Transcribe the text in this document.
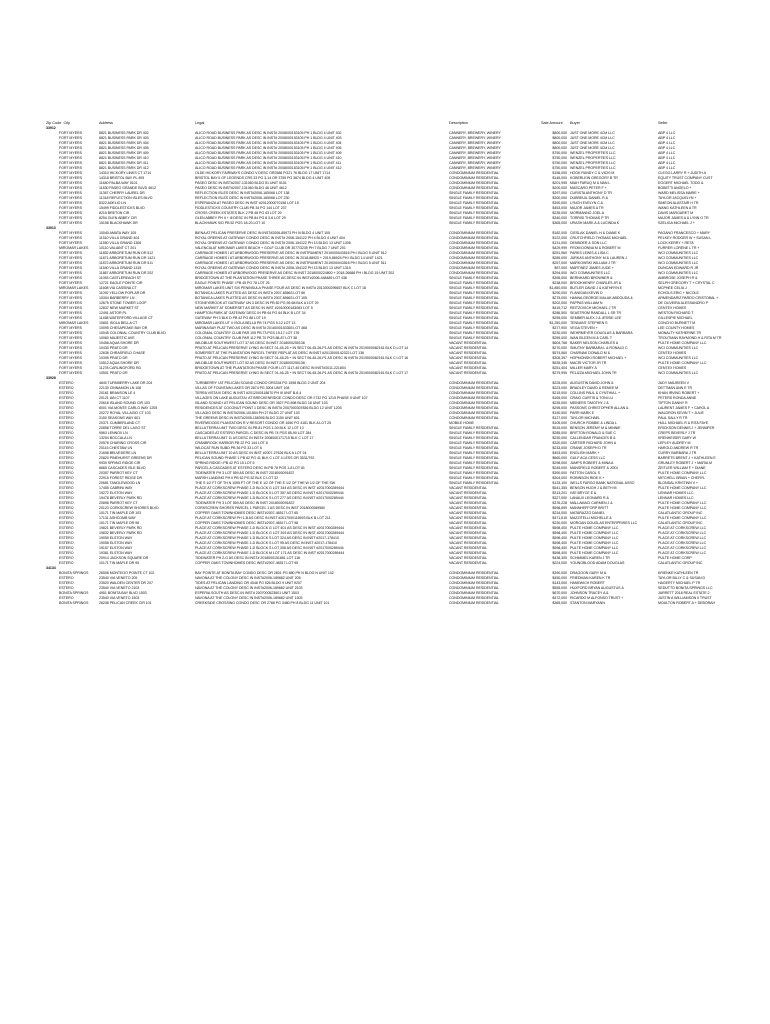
Zip Code City		Address	Legal	Description	Sale Amount	Buyer	Seller
33912							
	FORT MYERS	8821 BUSINESS PARK DR 402	ALICO ROAD BUSINESS PARK AS DESC IN INST# 2008000153105 PH 1 BLDG 4 UNIT 402	CANNERY, BREWERY, WINERY	$800,000	JUST ONE MORE 4CM LLC	ABP 4 LLC
	FORT MYERS	8821 BUSINESS PARK DR 403	ALICO ROAD BUSINESS PARK AS DESC IN INST# 2008000153105 PH 1 BLDG 4 UNIT 403	CANNERY, BREWERY, WINERY	$800,000	JUST ONE MORE 4CM LLC	ABP 4 LLC
	FORT MYERS	8821 BUSINESS PARK DR 404	ALICO ROAD BUSINESS PARK AS DESC IN INST# 2008000153105 PH 1 BLDG 4 UNIT 404	CANNERY, BREWERY, WINERY	$800,000	JUST ONE MORE 4CM LLC	ABP 4 LLC
	FORT MYERS	8821 BUSINESS PARK DR 405	ALICO ROAD BUSINESS PARK AS DESC IN INST# 2008000153105 PH 1 BLDG 4 UNIT 405	CANNERY, BREWERY, WINERY	$800,000	JUST ONE MORE 4CM LLC	ABP 4 LLC
	FORT MYERS	8821 BUSINESS PARK DR 409	ALICO ROAD BUSINESS PARK AS DESC IN INST# 2008000153105 PH 1 BLDG 4 UNIT 409	CANNERY, BREWERY, WINERY	$750,000	WENZEL PROPERTIES LLC	ABP 4 LLC
	FORT MYERS	8821 BUSINESS PARK DR 410	ALICO ROAD BUSINESS PARK AS DESC IN INST# 2008000153105 PH 1 BLDG 4 UNIT 410	CANNERY, BREWERY, WINERY	$750,000	WENZEL PROPERTIES LLC	ABP 4 LLC
	FORT MYERS	8821 BUSINESS PARK DR 411	ALICO ROAD BUSINESS PARK AS DESC IN INST# 2008000153105 PH 1 BLDG 4 UNIT 411	CANNERY, BREWERY, WINERY	$750,000	WENZEL PROPERTIES LLC	ABP 4 LLC
	FORT MYERS	8821 BUSINESS PARK DR 412	ALICO ROAD BUSINESS PARK AS DESC IN INST# 2008000153105 PH 1 BLDG 4 UNIT 412	CANNERY, BREWERY, WINERY	$750,000	WENZEL PROPERTIES LLC	ABP 4 LLC
	FORT MYERS	14310 HICKORY LINKS CT 1714	OLDE HICKORY FAIRWAYS CONDO V DESC OR2586 PG21 76 BLDG 17 UNIT 1714	CONDOMINIUM RESIDENTIAL	$156,000	HOOK RANDY C & VICKI M	CLEGG LARRY R + JUDITH A
	FORT MYERS	14318 BRISTOL BAY PL 405	BRISTOL BAY II OF LEGENDS CRS 33 PG 3-14 OR 3759 PG 3674 BLDG 4 UNIT 405	CONDOMINIUM RESIDENTIAL	$145,000	KOBERLEIN GREGORY B TR	EQUITY TRUST COMPANY CUST
	FORT MYERS	11840 PALBA WAY 5101	PASEO DESC IN INST#2007-131060 BLDG 51 UNIT 5101	CONDOMINIUM RESIDENTIAL	$201,995	MIAH FARUQ M & NAN L	EGGERT MICHAEL TODD &
	FORT MYERS	11830 PASEO GRANDE BLVD 4612	PASEO DESC IN INST#2007-131060 BLDG 46 UNIT 4612	CONDOMINIUM RESIDENTIAL	$200,000	MASCARO PETER F +	BOBETTI ANGELO +
	FORT MYERS	11367 CHERRY LAUREL DR	REFLECTION ISLES DESC IN INST#2006-165068 LOT 138	SINGLE FAMILY RESIDENTIAL	$297,000	CURISTA ANTHONY D TR	WARD MELISSA MARIE +
	FORT MYERS	11318 REFLECTION ISLES BLVD	REFLECTION ISLES DESC IN INST#2006-165068 LOT 230	SINGLE FAMILY RESIDENTIAL	$300,000	DUBREUIL DANIEL R &	TAYLOR JACQUELYN +
	FORT MYERS	8322 ADELIO LN	ESPERANZA AT PASEO DESC IN INST #2012000070158 LOT 15	SINGLE FAMILY RESIDENTIAL	$390,000	LYNCH EVELYN C &	SIMEON ALASTAIR H TR
	FORT MYERS	15499 FIDDLESTICKS BLVD	FIDDLESTICKS COUNTRY CLUB PB 34 PG 144 LOT 237	SINGLE FAMILY RESIDENTIAL	$453,000	MAJOR JAMES A TR	WANG KATHLEEN A TR
	FORT MYERS	8215 BRETON CIR	CROSS CREEK ESTATES BLK 2 PB 48 PG 43 LOT 29	SINGLE FAMILY RESIDENTIAL	$235,000	MORMANNO JOEL A	DAVIS MARGARET M
	FORT MYERS	8254 GLEN ABBEY CIR	GLEN ABBEY PH II + III DESC IN PB 84 PG 8 3-6 LOT 29	SINGLE FAMILY RESIDENTIAL	$340,000	TORRISI THOMAS P TR	MAJOR JAMES A & LYNN G TR
	FORT MYERS	15158 BLACKHAWK DR	BLACKHAWK S/D PB 52 PGS 18-20 LOT 10	SINGLE FAMILY RESIDENTIAL	$365,000	URASH MARK A & LUCINDA K	SZELIGA MICHAEL J +
33913							
	FORT MYERS	10040 AMATA WAY 105	BIENA AT PELICAN PRESERVE DESC IN INST#2006-85973 PH III BLDG 4 UNIT 105	CONDOMINIUM RESIDENTIAL	$182,000	CIESLAK DANIEL H & DIANE K	PAGANO FRANCESCO + MARY
	FORT MYERS	11510 VILLA GRAND 404	ROYAL GREENS AT GATEWAY CONDO DESC IN INST# 2006-154122 PH 4 BLDG 4 UNIT 404	CONDOMINIUM RESIDENTIAL	$122,000	CRUTCHFIELD THOMAS MICHAEL	PELKEY RODGER W + SUSAN L
	FORT MYERS	11550 VILLA GRAND 1306	ROYAL GREENS AT GATEWAY CONDO DESC IN INST# 2006-154122 PH 13 BLDG 13 UNIT 1306	CONDOMINIUM RESIDENTIAL	$131,000	DENBOER & SON LLC	LOCK KERRY + RETA
	MIROMAR LAKES	10110 VALIANT CT 201	VALENCIA AT MIROMAR LAKES BEACH + GOLF CLUB OR 3077/3239 PH 7 BLDG 7 UNIT 201	CONDOMINIUM RESIDENTIAL	$429,999	FROM DONNA M & ROBERT M	FURRER LORENE L TR +
	FORT MYERS	11852 ARBORETUM RUN DR 512	CARRIAGE HOMES I AT ARBORWOOD PRESERVE AS DESC IN INSTRUMENT 2019000043516 PH I BLDG 5 UNIT 512	CONDOMINIUM RESIDENTIAL	$251,960	PARKS LEWIS & LISA C	WCI COMMUNITIES LLC
	FORT MYERS	11871 ARBORETUM RUN DR 1421	CARRIAGE HOMES I AT ARBORWOOD PRESERVE AS DESC IN 2018-88920 + 2019-88924 PH I BLDG 14 UNIT 1421	CONDOMINIUM RESIDENTIAL	$289,000	JURKAS ANTHONY M & LAUREN J	WCI COMMUNITIES LLC
	FORT MYERS	11872 ARBORETUM RUN DR 511	CARRIAGE HOMES I AT ARBORWOOD PRESERVE AS DESC IN INSTRUMENT 2019000043516 PH I BLDG 5 UNIT 511	CONDOMINIUM RESIDENTIAL	$257,000	MARKOWSKI WILLIAM J TR	WCI COMMUNITIES LLC
	FORT MYERS	11540 VILLA GRAND 1315	ROYAL GREENS AT GATEWAY CONDO DESC IN INST# 2006-154122 PH 13 BLDG 13 UNIT 1315	CONDOMINIUM RESIDENTIAL	$97,000	MARTINEZ JAMES JUDE +	DUNCAN EDWARD R JR
	FORT MYERS	11867 ARBORETUM RUN DR 202	CARRIAGE HOMES AT ARBORWOOD PRESERVE AS DESC IN INST 2018000224800 + 2018-26688 PH I BLDG 15 UNIT 202	CONDOMINIUM RESIDENTIAL	$294,000	WCI COMMUNITIES LLC	WCI COMMUNITIES LLC
	FORT MYERS	11053 CASTLEREAGH ST	BRIDGETOWN AT THE PLANTATION PHASE THREE AS DESC IN INST#2006-448489 LOT 436	SINGLE FAMILY RESIDENTIAL	$395,000	BERNHARD BROWNER &	AMBROSE JOSEPH R &
	FORT MYERS	12721 EAGLE POINTE CIR	EAGLE POINTE PHASE I PB 45 PG 78 LOT 25	SINGLE FAMILY RESIDENTIAL	$238,000	BROOKHENRY CHARLES JR &	SELPH GREGORY T + CRYSTAL C
	MIROMAR LAKES	11608 VIA CASSINA CT	MIROMAR LAKES UNIT SIX PENINSULA PHASE FOUR AS DESC IN INST# 2013000295657 BLK C LOT 18	SINGLE FAMILY RESIDENTIAL	$1,850,000	BUTLER DAVID J & KATHRYN E	MCPHEE CELIA J
	FORT MYERS	11092 YELLOW POPLAR DR	BOTANICA LAKES PLATTED AS DESC IN INST# 2007-65663 LOT 66	SINGLE FAMILY RESIDENTIAL	$290,000	FLANIGAN KEVIN D	ECHOLS ERIC + NICOLE
	FORT MYERS	10304 BARBERRY LN	BOTANICA LAKES PLATTED AS DESC IN INST# 2007-65663 LOT 105	SINGLE FAMILY RESIDENTIAL	$275,000	HANNA GEORGE MALAK ABDOUDA &	ARMENDARIZ PARDO CRISTOBAL +
	FORT MYERS	12675 STONE TOWER LOOP	STONEYBROOK AT GATEWAY UN 3 DESC IN PB 82 PG 59-68 BLK A LOT 29	SINGLE FAMILY RESIDENTIAL	$202,000	PAPPAS WILLIAM N	DE OLIVEIRA ALESSANDRO P
	FORT MYERS	12837 NEW MARKET ST	NEW MARKET AT SOMERSET AS DESC IN INST #2010000183083 LOT 5	SINGLE FAMILY RESIDENTIAL	$419,712	REITZOVICH MICHAEL J TR	CENTEX HOMES
	FORT MYERS	12491 ASTOR PL	HAMPTON PARK AT GATEWAY DESC IN PB 64 PG 64 BLK B LOT 34	SINGLE FAMILY RESIDENTIAL	$286,500	SEASTROM RANDALL L SR TR	WESTON RICHARD T
	FORT MYERS	11458 WATERFORD VILLAGE CT	GATEWAY PH 3 BLK D PB 42 PG 88 LOT 19	SINGLE FAMILY RESIDENTIAL	$255,000	SEMBER ALEX J & JESSIE LEE	GILLESPIE MICHAEL
	MIROMAR LAKES	10801 ISOLA BELLA CT	MIROMAR LAKES UT V ISOLA BELLA PB 74 PGS 9-12 LOT 13	SINGLE FAMILY RESIDENTIAL	$1,250,000	TENNANT STEPHEN S	CONCHO BURNETT M
	FORT MYERS	10095 CHESAPEAKE BAY DR	MARINA BAY PLAT TWO AS DESC IN INST# 2016000153355 LOT 468	SINGLE FAMILY RESIDENTIAL	$377,900	VEGA STEVEN +	LEE COUNTY HOMES
	FORT MYERS	10045 COLONIAL COUNTRY CLUB BLVD	COLONIAL COUNTRY CLUB PAR 105 PB 73 PGS 15-17 LOT 176	SINGLE FAMILY RESIDENTIAL	$230,000	WEHRMEYER DOUGLAS & BARBARA	MONALTY KATHERINE TR
	FORT MYERS	10060 MAJESTIC AVE	COLONIAL COUNTRY CLUB PAR 112 PB 70 PGS 88-87 LOT 38	SINGLE FAMILY RESIDENTIAL	$259,000	WAN EILEEN M & CARL T	TROUTMAN RAYMOND H & RITA M TR
	FORT MYERS	10456 AQUA SHORE DR	WILDBLUE SOUTHWEST LOT 37 AS DESC IN INST 2018000250138	VACANT RESIDENTIAL	$604,768	BAKER NELSON CHARLES &	PULTE HOME COMPANY LLC
	FORT MYERS	10430 PRATO DR	PRATO AT PELICAN PRESERVE LYING IN SECT 01-45-25 + IN SECT 06-45-26-P1 AS DESC IN INST# 2019000082161 BLK D LOT 14	VACANT RESIDENTIAL	$270,000	SMUTNY BARBARA L & RONALD C	WCI COMMUNITIES LLC
	FORT MYERS	12636 CHRASFIELD CHASE	SOMERSET AT THE PLANTATION PARCEL THREE REPLAT AS DESC IN INST #2013000142322 LOT 136	VACANT RESIDENTIAL	$574,560	CHARNAK DONALD M &	CENTEX HOMES
	FORT MYERS	10395 PRATO DR	PRATO AT PELICAN PRESERVE LYING IN SECT 01-45-25 + IN SECT 06-45-26-P1 AS DESC IN INST# 2019000082161 BLK C LOT 16	VACANT RESIDENTIAL	$305,397	HOPMONSKI ROBERT MICHAEL +	WCI COMMUNITIES LLC
	FORT MYERS	10512 AQUA SHORE DR	WILDBLUE SOUTHWEST LOT 52 AS DESC IN INST 2018000250138	VACANT RESIDENTIAL	$535,345	MACRI VICTOR JR TR	PULTE HOME COMPANY LLC
	FORT MYERS	11278 CARLINGFORD RD	BRIDGETOWN AT THE PLANTATION PHASE FOUR LOT 1117-45 DESC IN INST#2011-221804	VACANT RESIDENTIAL	$251,404	MILLER MARY A	CENTEX HOMES
	FORT MYERS	10501 PRATO DR	PRATO AT PELICAN PRESERVE LYING IN SECT 01-45-25 + IN SECT 06-45-26-P1 AS DESC IN INST# 2019000082161 BLK C LOT 17	VACANT RESIDENTIAL	$279,995	PELIZZA MICHAEL JOHN TR	WCI COMMUNITIES LLC
33928							
	ESTERO	4640 TURNBERRY LAKE DR 204	TURNBERRY I AT PELICAN SOUND CONDO OR3334 PG 1598 BLDG 2 UNIT 204	CONDOMINIUM RESIDENTIAL	$225,000	AUGUSTIN DAVID JOHN &	JUDY MAUREEN V
	ESTERO	22130 CINNAMON LN 108	VILLAS OF FOUNTAIN LAKES OR 2874 PG 3004 UNIT 108	CONDOMINIUM RESIDENTIAL	$223,000	BRADLEY DAVID & RENEE M	DETTMAN ANN E TR
	ESTERO	20161 BRANSON LE 4	TERRA VISTA III DESC IN INST #2012000118670 PH III UNIT B-6-4	CONDOMINIUM RESIDENTIAL	$215,000	COLLINS PAUL & CYNTHIA L +	KHAN IRVING ROBERT +
	ESTERO	20121 IAN CT 1107	VILLAGES ON LAKE AUGUSTA I AT BRECKENRIDGE CONDO DESC OR 2732 PG 1215 PHASE II UNIT 107	CONDOMINIUM RESIDENTIAL	$165,000	CRAIG CURTIS & TONI LU	PETERS RONDA ANNE
	ESTERO	20618 ISLAND SOUND CIR 103	ISLAND SOUND I AT PELICAN SOUND DESC OR 3527 PG 898 BLDG 18 UNIT 103	CONDOMINIUM RESIDENTIAL	$235,000	MEINERS TIMOTHY J &	TIPTON DANNY R
	ESTERO	8001 VIA MONTE CARLO WAY 1205	RESIDENCES AT COCONUT POINT 1 DESC IN INST# 2007000307836 BLDG 12 UNIT 1205	CONDOMINIUM RESIDENTIAL	$295,000	PASSONS CHRISTOPHER ALLAN &	LAURENT JAMES F + CAROL A
	ESTERO	20272 ROYAL VILLAGIO CT 103	VILLAGIO DESC IN INST#2006-101894 PH 27 BLDG 27 UNIT 103	CONDOMINIUM RESIDENTIAL	$150,500	PARR MARK E	WALDRON KEVIN T + JULIE
	ESTERO	3150 SEASONS WAY 601	THE GREENS DESC IN INST#2005-158395 BLDG 3150 UNIT 601	CONDOMINIUM RESIDENTIAL	$127,000	TAYLOR MICHAEL	PAUL SALLY R TR
	ESTERO	20371 CUMBERLAND CT	RIVERWOODS PLANTATION R V RESORT CONDO OR 1650 PG 4181 BLK A LOT 25	MOBILE HOME	$105,000	CHURCH ROBBIE & LINDA L	HULL MICHAEL R & RITA FAYE
	ESTERO	20858 TORRE DEL LAGO ST	BELLA TERRA UNIT TWO DESC IN PB 81 PGS 1-30 BLK 12 LOT 13	SINGLE FAMILY RESIDENTIAL	$515,000	BENSON JEREMY M & MINNIE	ERICKSON DENNIS J + JENNIFER
	ESTERO	9563 LENNOX LN	CASCADES AT ESTERO PARCEL C DESC IN PB 74 PGS 85-90 LOT 284	SINGLE FAMILY RESIDENTIAL	$285,000	BRITTON RONALD & SUE C	CREPS BEVERLY J TR
	ESTERO	13254 BOCCALA LN	BELLA TERRA UNIT 11 AS DESC IN INST# 2008000171715 BLK C LOT 17	SINGLE FAMILY RESIDENTIAL	$230,000	CALLENDAR FRANCES B &	KRENHEISER GARY W
	ESTERO	20578 CHARING CROSS CIR	CRANBROOK HARBOR PB 22 PG 144 LOT 8	SINGLE FAMILY RESIDENTIAL	$320,000	CARTIER RICHARD JOHN &	LEPLEY AUDREY M
	ESTERO	20115 CHESTAW LN	WILDCAT RUN SUBD PB 36 PG 33 LOT 6	SINGLE FAMILY RESIDENTIAL	$233,000	CRANE JOSEPH D TR	HAROLD ANDREW R TR
	ESTERO	21698 BELVEDERE LN	BELLA TERRA UNIT 10 AS DESC IN INST #2007-27626 BLK A LOT 24	SINGLE FAMILY RESIDENTIAL	$453,000	ENGLISH MARK +	CURRY BARBARA J TR
	ESTERO	20820 PINEHURST GREENS DR	PELICAN SOUND PHASE 1 PB 62 PG 41 BLK C LOT 4 LESS OR 3531/792	SINGLE FAMILY RESIDENTIAL	$660,000	GULF ACA CESS LLC	BARRETS BRENT J + KATHLEEN E
	ESTERO	9939 SPRING RIDGE CIR	SPRING RIDGE I PB 42 PG 15 LOT 5	SINGLE FAMILY RESIDENTIAL	$298,000	JUMPS ROBERT & MINA A	GRUNLEY ROBERT J + MARIA M
	ESTERO	8665 CASCADES ISLE BLVD	PARCEL A CASCADES AT ESTERO DESC IN PB 78 PGS 1-8 LOT 81	SINGLE FAMILY RESIDENTIAL	$245,000	MANSFIELD ROBERT & JODI	ZEITLER WILLIAM F + DIANE
	ESTERO	20357 PARROT KEY CT	TIDEWATER PH 3 LOT 559 AS DESC IN INST 2018000091837	SINGLE FAMILY RESIDENTIAL	$390,000	PATTON CAROL S	PULTE HOME COMPANY LLC
	ESTERO	22915 FOREST RIDGE DR	MARSH LANDING PH II PB 62 PG 52 BLK C LOT 32	SINGLE FAMILY RESIDENTIAL	$304,000	ROBINSON RIDE K +	MITCHELL BRIAN + CHERYL
	ESTERO	20681 TANGLEWOOD LN	THE S 1/2 FT OF TH N 1095 FT OF THE E 1/2 OF THE E 1/2 OF THE W 1/2 OF THE SW	SINGLE FAMILY RESIDENTIAL	$133,100	WELLS FARGO BANK NATIONAL ASSO	BLONDAL KRISTINN V +
	ESTERO	17455 CABRINI WAY	PLACE AT CORKSCREW PHASE 1-D BLOCK G LOT 344 AS DESC IN INST #2017000289444	VACANT RESIDENTIAL	$541,355	BENSON HUGH J & BETH M	PULTE HOME COMPANY LLC
	ESTERO	19272 ELSTON WAY	PLACE AT CORKSCREW PHASE 1-D BLOCK S LOT 357 AS DESC IN INST #2017000289444	VACANT RESIDENTIAL	$313,201	IVIE BRYCE E &	LENNAR HOMES LLC
	ESTERO	19478 BEVERLY PARK RD	PLACE AT CORKSCREW PHASE 1-D BLOCK S LOT 277 AS DESC IN INST #2017000289444	VACANT RESIDENTIAL	$327,000	LANAUX LEONARD R &	LENNAR HOMES LLC
	ESTERO	20898 PARROT KEY CT	TIDEWATER PH 3 LOT 559 AS DESC IN INST 2018000091837	VACANT RESIDENTIAL	$376,228	MALLAMACI CARMEN J &	PULTE HOME COMPANY LLC
	ESTERO	20123 CORKSCREW SHORES BLVD	CORKSCREW SHORES PARCEL 1 PARCEL 1 AS DESC IN INST 2018000089580	VACANT RESIDENTIAL	$598,899	MANNHEFFORP BRITT	PULTE HOME COMPANY LLC
	ESTERO	10171 TIN MAPLE DR 103	COPPER OAKS TOWNHOMES DESC INST#2007-46517 LOT 65	VACANT RESIDENTIAL	$234,000	MATARAZZO DANIEL	CALATLANTIC GROUP INC
	ESTERO	17131 ASHCOMB WAY	PLACE AT CORKSCREW PH 1-B AS DESC IN INST #2017000116593 BLK B LOT 211	VACANT RESIDENTIAL	$471,615	MAZZITELLI MICHELLE &	PULTE HOME COMPANY LLC
	ESTERO	10171 TIN MAPLE DR 98	COPPER OAKS TOWNHOMES DESC INST#2007-46517 LOT 98	VACANT RESIDENTIAL	$230,000	MORGAN DOUGLAS ENTERPRISES LLC	CALATLANTIC GROUP INC
	ESTERO	19821 BEVERLY PARK RD	PLACE AT CORKSCREW PHASE 1-D BLOCK G LOT 401 AS DESC IN INST #2017000289444	VACANT RESIDENTIAL	$598,400	PULTE HOME COMPANY LLC	PLACE AT CORKSCREW LLC
	ESTERO	19832 BEVERLY PARK RD	PLACE AT CORKSCREW PHASE 1-D BLOCK G LOT 393 AS DESC IN INST #2017000289444	VACANT RESIDENTIAL	$598,400	PULTE HOME COMPANY LLC	PLACE AT CORKSCREW LLC
	ESTERO	19059 ELSTON WAY	PLACE AT CORKSCREW PHASE 1-D BLOCK S LOT 324 AS DESC IN INST #2017-178410	VACANT RESIDENTIAL	$598,400	PULTE HOME COMPANY LLC	PLACE AT CORKSCREW LLC
	ESTERO	19058 ELSTON WAY	PLACE AT CORKSCREW PHASE 1-D BLOCK S LOT 95 AS DESC IN INST #2017-178410	VACANT RESIDENTIAL	$598,400	PULTE HOME COMPANY LLC	PLACE AT CORKSCREW LLC
	ESTERO	19157 ELSTON WAY	PLACE AT CORKSCREW PHASE 1-D BLOCK S LOT 308 AS DESC IN INST #2017000289444	VACANT RESIDENTIAL	$598,400	PULTE HOME COMPANY LLC	PLACE AT CORKSCREW LLC
	ESTERO	19381 ELSTON WAY	PLACE AT CORKSCREW PHASE 1-D BLOCK M LOT 171 AS DESC IN INST #2017000289444	VACANT RESIDENTIAL	$598,400	PULTE HOME COMPANY LLC	PLACE AT CORKSCREW LLC
	ESTERO	20914 JACKSON SQUARE DR	TIDEWATER PH 2-G AS DESC IN INST# 2018000151861 LOT 116	VACANT RESIDENTIAL	$438,305	SCHIMMEL KAREN J TR	PULTE HOME CORP
	ESTERO	10171 TIN MAPLE DR 95	COPPER OAKS TOWNHOMES DESC INST#2007-46517 LOT 95	VACANT RESIDENTIAL	$224,000	YOUNGBLOOD ADAM DOUGLAS	CALATLANTIC GROUP INC
34134							
	BONITA SPRINGS	26508 MONTEGO POINTE CT 102	BAY POINTE AT BONITA BAY CONDO DESC OR 2801 PG 880 PH N BLDG N UNIT 102	CONDOMINIUM RESIDENTIAL	$390,000	DRAGOON GARY M &	KRIENKE KATHLEEN TR
	ESTERO	23540 VIA VENETO 205	NAVONA AT THE COLONY DESC IN INST#2006-189682 UNIT 205	CONDOMINIUM RESIDENTIAL	$450,000	FRIEDMAN KAREN K TR	TAYLOR BILLY C & SUSAN D
	ESTERO	23520 WALDEN CENTER DR 207	TIDES AT PELICAN LANDING OR 4048 PG 526 BLDG 9 UNIT 9207	CONDOMINIUM RESIDENTIAL	$143,000	HANEWICH ROBERT	HAGERTY MICHAEL P TR
	ESTERO	23540 VIA VENETO 2103	NAVONA AT THE COLONY DESC IN INST#2006-189682 UNIT 2103	CONDOMINIUM RESIDENTIAL	$555,000	HUXFORD BRYAN AUGUSTUS &	SEDUTTO BONITA SPRINGS LLC
	BONITA SPRINGS	4951 BONITA BAY BLVD 1503	ESPERIA SOUTH AS DESC IN INST# 2007000523601 UNIT 1503	CONDOMINIUM RESIDENTIAL	$670,000	JOHNSON TRACEY A &	JARRETT 2018 REAL ESTATE 2
	ESTERO	23540 VIA VENETO 1503	NAVONA AT THE COLONY DESC IN INST#2006-189682 UNIT 1503	CONDOMINIUM RESIDENTIAL	$472,000	RICARDO M ALFONSO TRUST +	JUSTIN A WILLIAMSON II TRUST
	BONITA SPRINGS	26208 PELICAN CREEK CIR 101	CREEKSIDE CROSSING CONDO DESC OR 2788 PG 3480 PH 8 BLDG 11 UNIT 101	CONDOMINIUM RESIDENTIAL	$365,000	STANTON MARYANN	MOULTON ROBERT A + DEBORAH
